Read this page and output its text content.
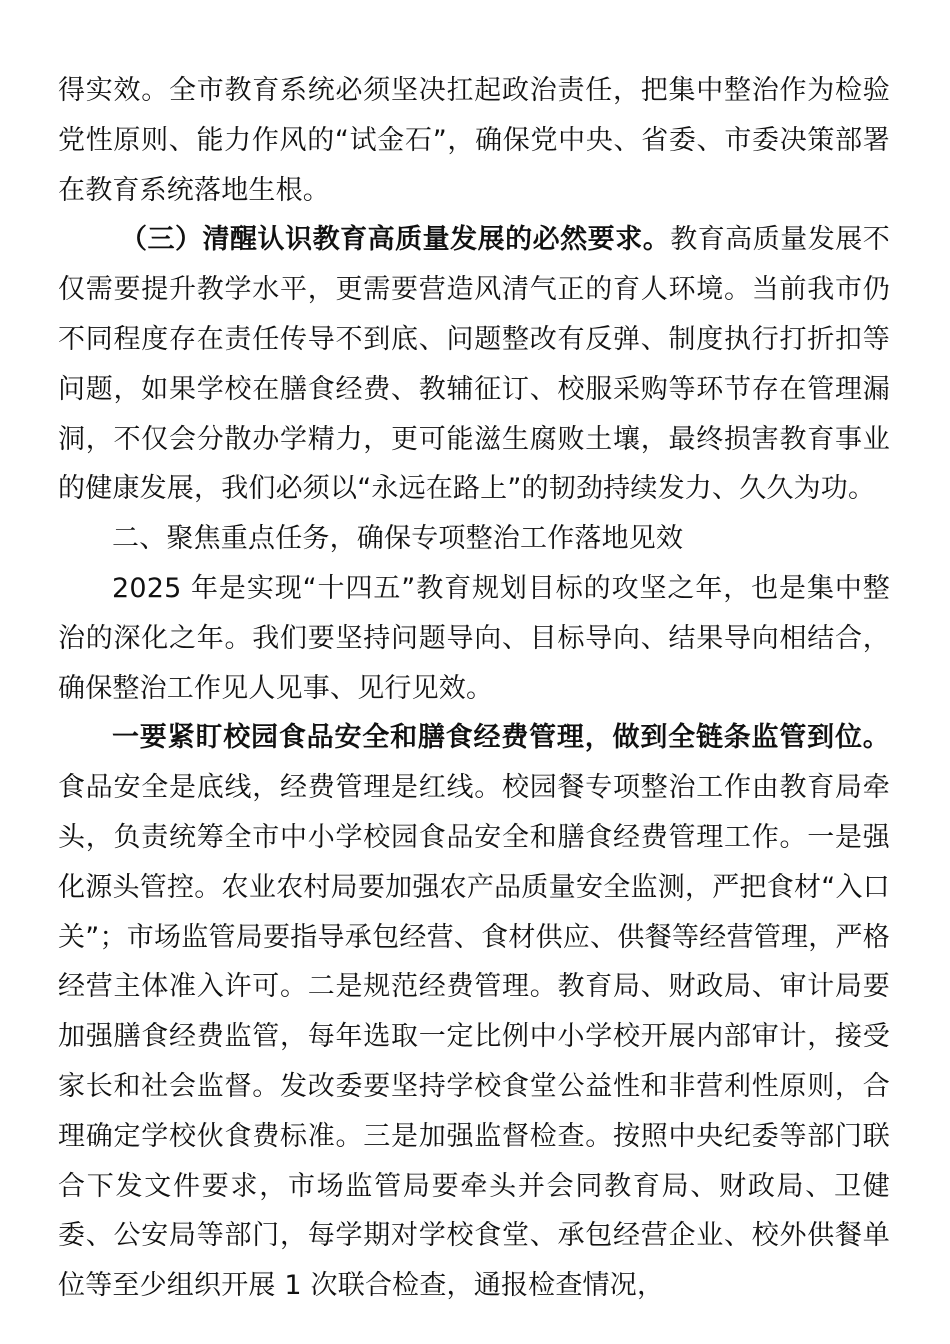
得实效。全市教育系统必须坚决扛起政治责任，把集中整治作为检验党性原则、能力作风的“试金石”，确保党中央、省委、市委决策部署在教育系统落地生根。

（三）清醒认识教育高质量发展的必然要求。教育高质量发展不仅需要提升教学水平，更需要营造风清气正的育人环境。当前我市仍不同程度存在责任传导不到底、问题整改有反弹、制度执行打折扣等问题，如果学校在膳食经费、教辅征订、校服采购等环节存在管理漏洞，不仅会分散办学精力，更可能滋生腐败土壤，最终损害教育事业的健康发展，我们必须以“永远在路上”的韧劲持续发力、久久为功。

二、聚焦重点任务，确保专项整治工作落地见效

2025 年是实现“十四五”教育规划目标的攻坚之年，也是集中整治的深化之年。我们要坚持问题导向、目标导向、结果导向相结合，确保整治工作见人见事、见行见效。

一要紧盯校园食品安全和膳食经费管理，做到全链条监管到位。食品安全是底线，经费管理是红线。校园餐专项整治工作由教育局牵头，负责统筹全市中小学校园食品安全和膳食经费管理工作。一是强化源头管控。农业农村局要加强农产品质量安全监测，严把食材“入口关”；市场监管局要指导承包经营、食材供应、供餐等经营管理，严格经营主体准入许可。二是规范经费管理。教育局、财政局、审计局要加强膳食经费监管，每年选取一定比例中小学校开展内部审计，接受家长和社会监督。发改委要坚持学校食堂公益性和非营利性原则，合理确定学校伙食费标准。三是加强监督检查。按照中央纪委等部门联合下发文件要求，市场监管局要牵头并会同教育局、财政局、卫健委、公安局等部门，每学期对学校食堂、承包经营企业、校外供餐单位等至少组织开展 1 次联合检查，通报检查情况，
